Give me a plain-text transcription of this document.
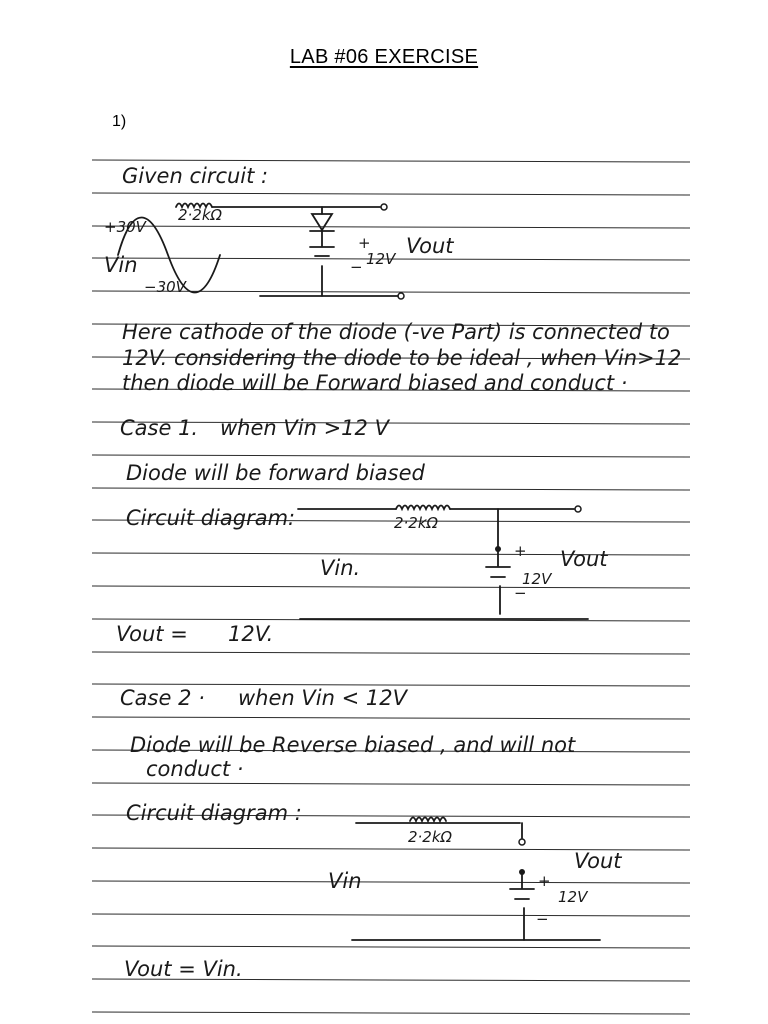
LAB #06 EXERCISE
1)
Given circuit :
2·2kΩ
+30V
Vin
−30V
+
− 12V
Vout
Here cathode of the diode (-ve Part) is connected to
12V. considering the diode to be ideal , when Vin>12
then diode will be Forward biased and conduct ·
Case 1. when Vin >12 V
Diode will be forward biased
Circuit diagram:	2·2kΩ
+
−
12V
Vout
Vin.
Vout = 12V.
Case 2 · when Vin < 12V
Diode will be Reverse biased , and will not
conduct ·
Circuit diagram :
2·2kΩ
+
−
12V
Vout
Vin
Vout = Vin.
